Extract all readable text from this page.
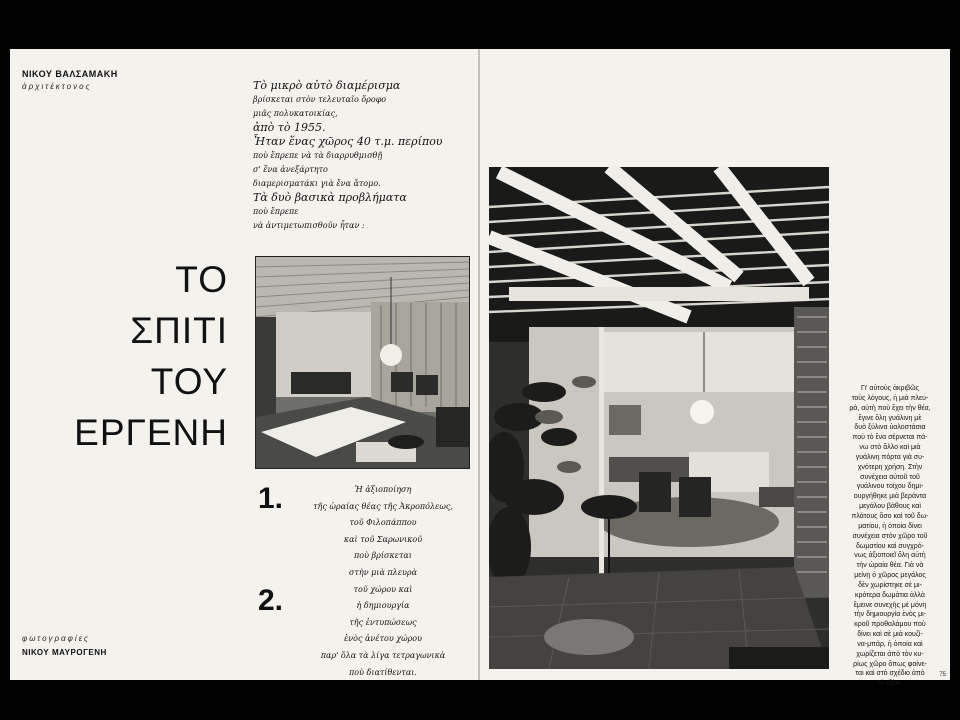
ΝΙΚΟΥ ΒΑΛΣΑΜΑΚΗ
ἀρχιτέκτονος	Τὸ μικρὸ αὐτὸ διαμέρισμα
βρίσκεται στὸν τελευταῖο ὄροφο
μιᾶς πολυκατοικίας,
ἀπὸ τὸ 1955.
Ἦταν ἕνας χῶρος 40 τ.μ. περίπου
ποὺ ἔπρεπε νὰ τὰ διαρρυθμισθῇ
σ' ἕνα ἀνεξάρτητο
διαμερισματάκι γιὰ ἕνα ἄτομο.
Τὰ δυὸ βασικὰ προβλήματα
ποὺ ἔπρεπε
νὰ ἀντιμετωπισθοῦν ἦταν :
ΤΟ
ΣΠΙΤΙ
ΤΟΥ
ΕΡΓΕΝΗ
1.
2.
Ἡ ἀξιοποίηση
τῆς ὡραίας θέας τῆς Ἀκροπόλεως,
τοῦ Φιλοπάππου
καὶ τοῦ Σαρωνικοῦ
ποὺ βρίσκεται
στὴν μιὰ πλευρὰ
τοῦ χώρου καὶ
ἡ δημιουργία
τῆς ἐντυπώσεως
ἑνὸς ἀνέτου χώρου
παρ' ὅλα τὰ λίγα τετραγωνικὰ
ποὺ διατίθενται.
φωτογραφίες
ΝΙΚΟΥ ΜΑΥΡΟΓΕΝΗ
Γι' αὐτοὺς ἀκριβῶς
τοὺς λόγους, ἡ μιὰ πλευ-
ρά, αὐτὴ ποὺ ἔχει τὴν θέα,
ἔγινε ὅλη γυάλινη μὲ
δυὸ ξύλινα ὑαλοστάσια
ποὺ τὸ ἕνα σέρνεται πά-
νω στὸ ἄλλο καὶ μιὰ
γυάλινη πόρτα γιὰ συ-
χνότερη χρήση. Στὴν
συνέχεια αὐτοῦ τοῦ
γυάλινου τοίχου δημι-
ουργήθηκε μιὰ βεράντα
μεγάλου βάθους καὶ
πλάτους ὅσο καὶ τοῦ δω-
ματίου, ἡ ὁποία δίνει
συνέχεια στὸν χῶρο τοῦ
δωματίου καὶ συγχρό-
νως ἀξιοποιεῖ ὅλη αὐτὴ
τὴν ὡραία θέα. Γιὰ νὰ
μείνῃ ὁ χῶρος μεγάλος
δὲν χωρίστηκε σὲ μι-
κρότερα δωμάτια ἀλλὰ
ἔμεινε συνεχὴς μὲ μόνη
τὴν δημιουργία ἑνὸς μι-
κροῦ προθαλάμου ποὺ
δίνει καὶ σὲ μιὰ κουζί-
να-μπάρ, ἡ ὁποία καὶ
χωρίζεται ἀπὸ τὸν κυ-
ρίως χῶρο ὅπως φαίνε-
ται καὶ στὸ σχέδιο ἀπὸ
τὸ τζάκι.
75
